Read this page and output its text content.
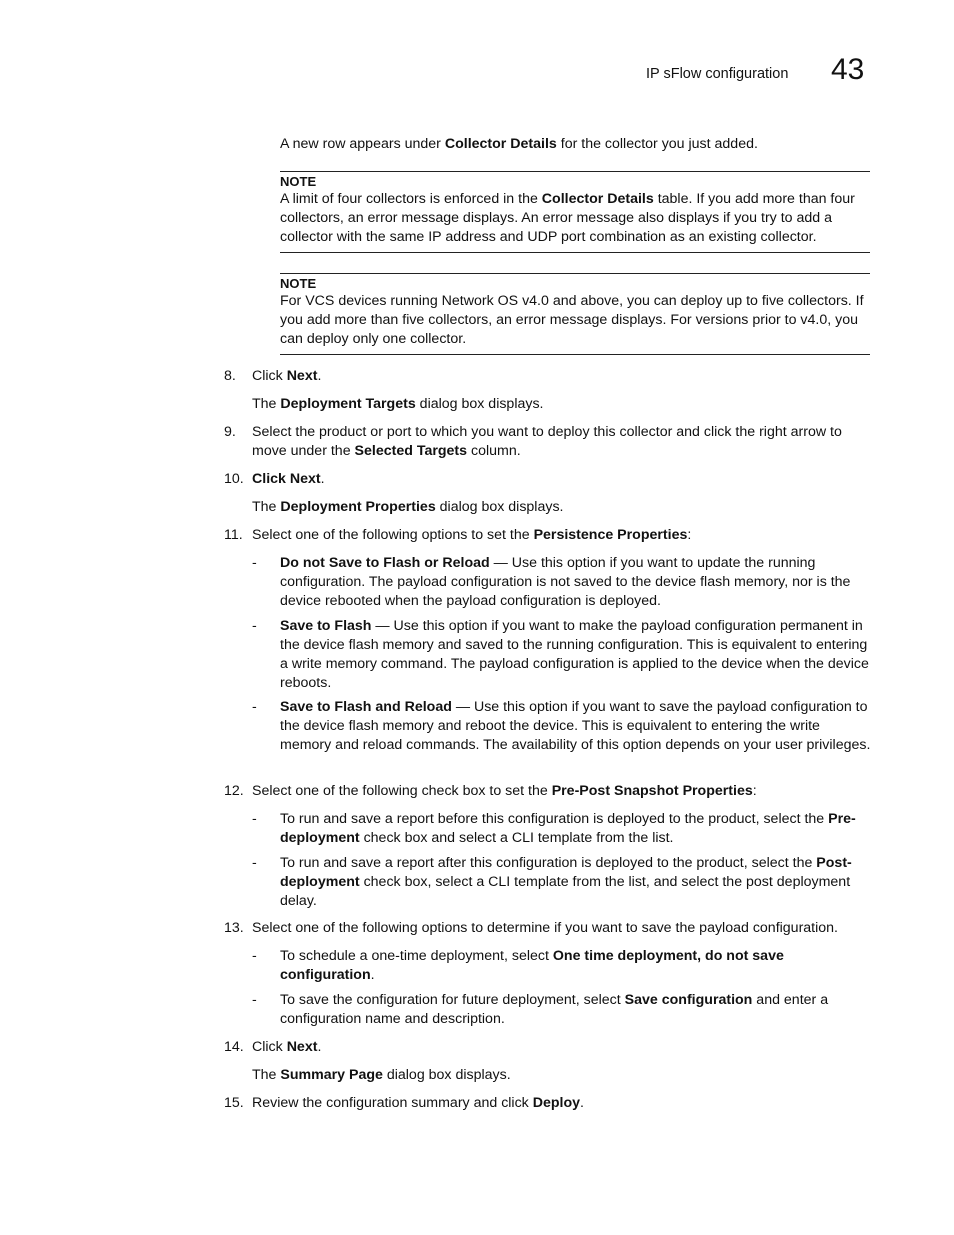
IP sFlow configuration 43
A new row appears under Collector Details for the collector you just added.
NOTE
A limit of four collectors is enforced in the Collector Details table. If you add more than four collectors, an error message displays. An error message also displays if you try to add a collector with the same IP address and UDP port combination as an existing collector.
NOTE
For VCS devices running Network OS v4.0 and above, you can deploy up to five collectors. If you add more than five collectors, an error message displays. For versions prior to v4.0, you can deploy only one collector.
8. Click Next.
The Deployment Targets dialog box displays.
9. Select the product or port to which you want to deploy this collector and click the right arrow to move under the Selected Targets column.
10. Click Next.
The Deployment Properties dialog box displays.
11. Select one of the following options to set the Persistence Properties:
- Do not Save to Flash or Reload — Use this option if you want to update the running configuration. The payload configuration is not saved to the device flash memory, nor is the device rebooted when the payload configuration is deployed.
- Save to Flash — Use this option if you want to make the payload configuration permanent in the device flash memory and saved to the running configuration. This is equivalent to entering a write memory command. The payload configuration is applied to the device when the device reboots.
- Save to Flash and Reload — Use this option if you want to save the payload configuration to the device flash memory and reboot the device. This is equivalent to entering the write memory and reload commands. The availability of this option depends on your user privileges.
12. Select one of the following check box to set the Pre-Post Snapshot Properties:
- To run and save a report before this configuration is deployed to the product, select the Pre-deployment check box and select a CLI template from the list.
- To run and save a report after this configuration is deployed to the product, select the Post-deployment check box, select a CLI template from the list, and select the post deployment delay.
13. Select one of the following options to determine if you want to save the payload configuration.
- To schedule a one-time deployment, select One time deployment, do not save configuration.
- To save the configuration for future deployment, select Save configuration and enter a configuration name and description.
14. Click Next.
The Summary Page dialog box displays.
15. Review the configuration summary and click Deploy.
